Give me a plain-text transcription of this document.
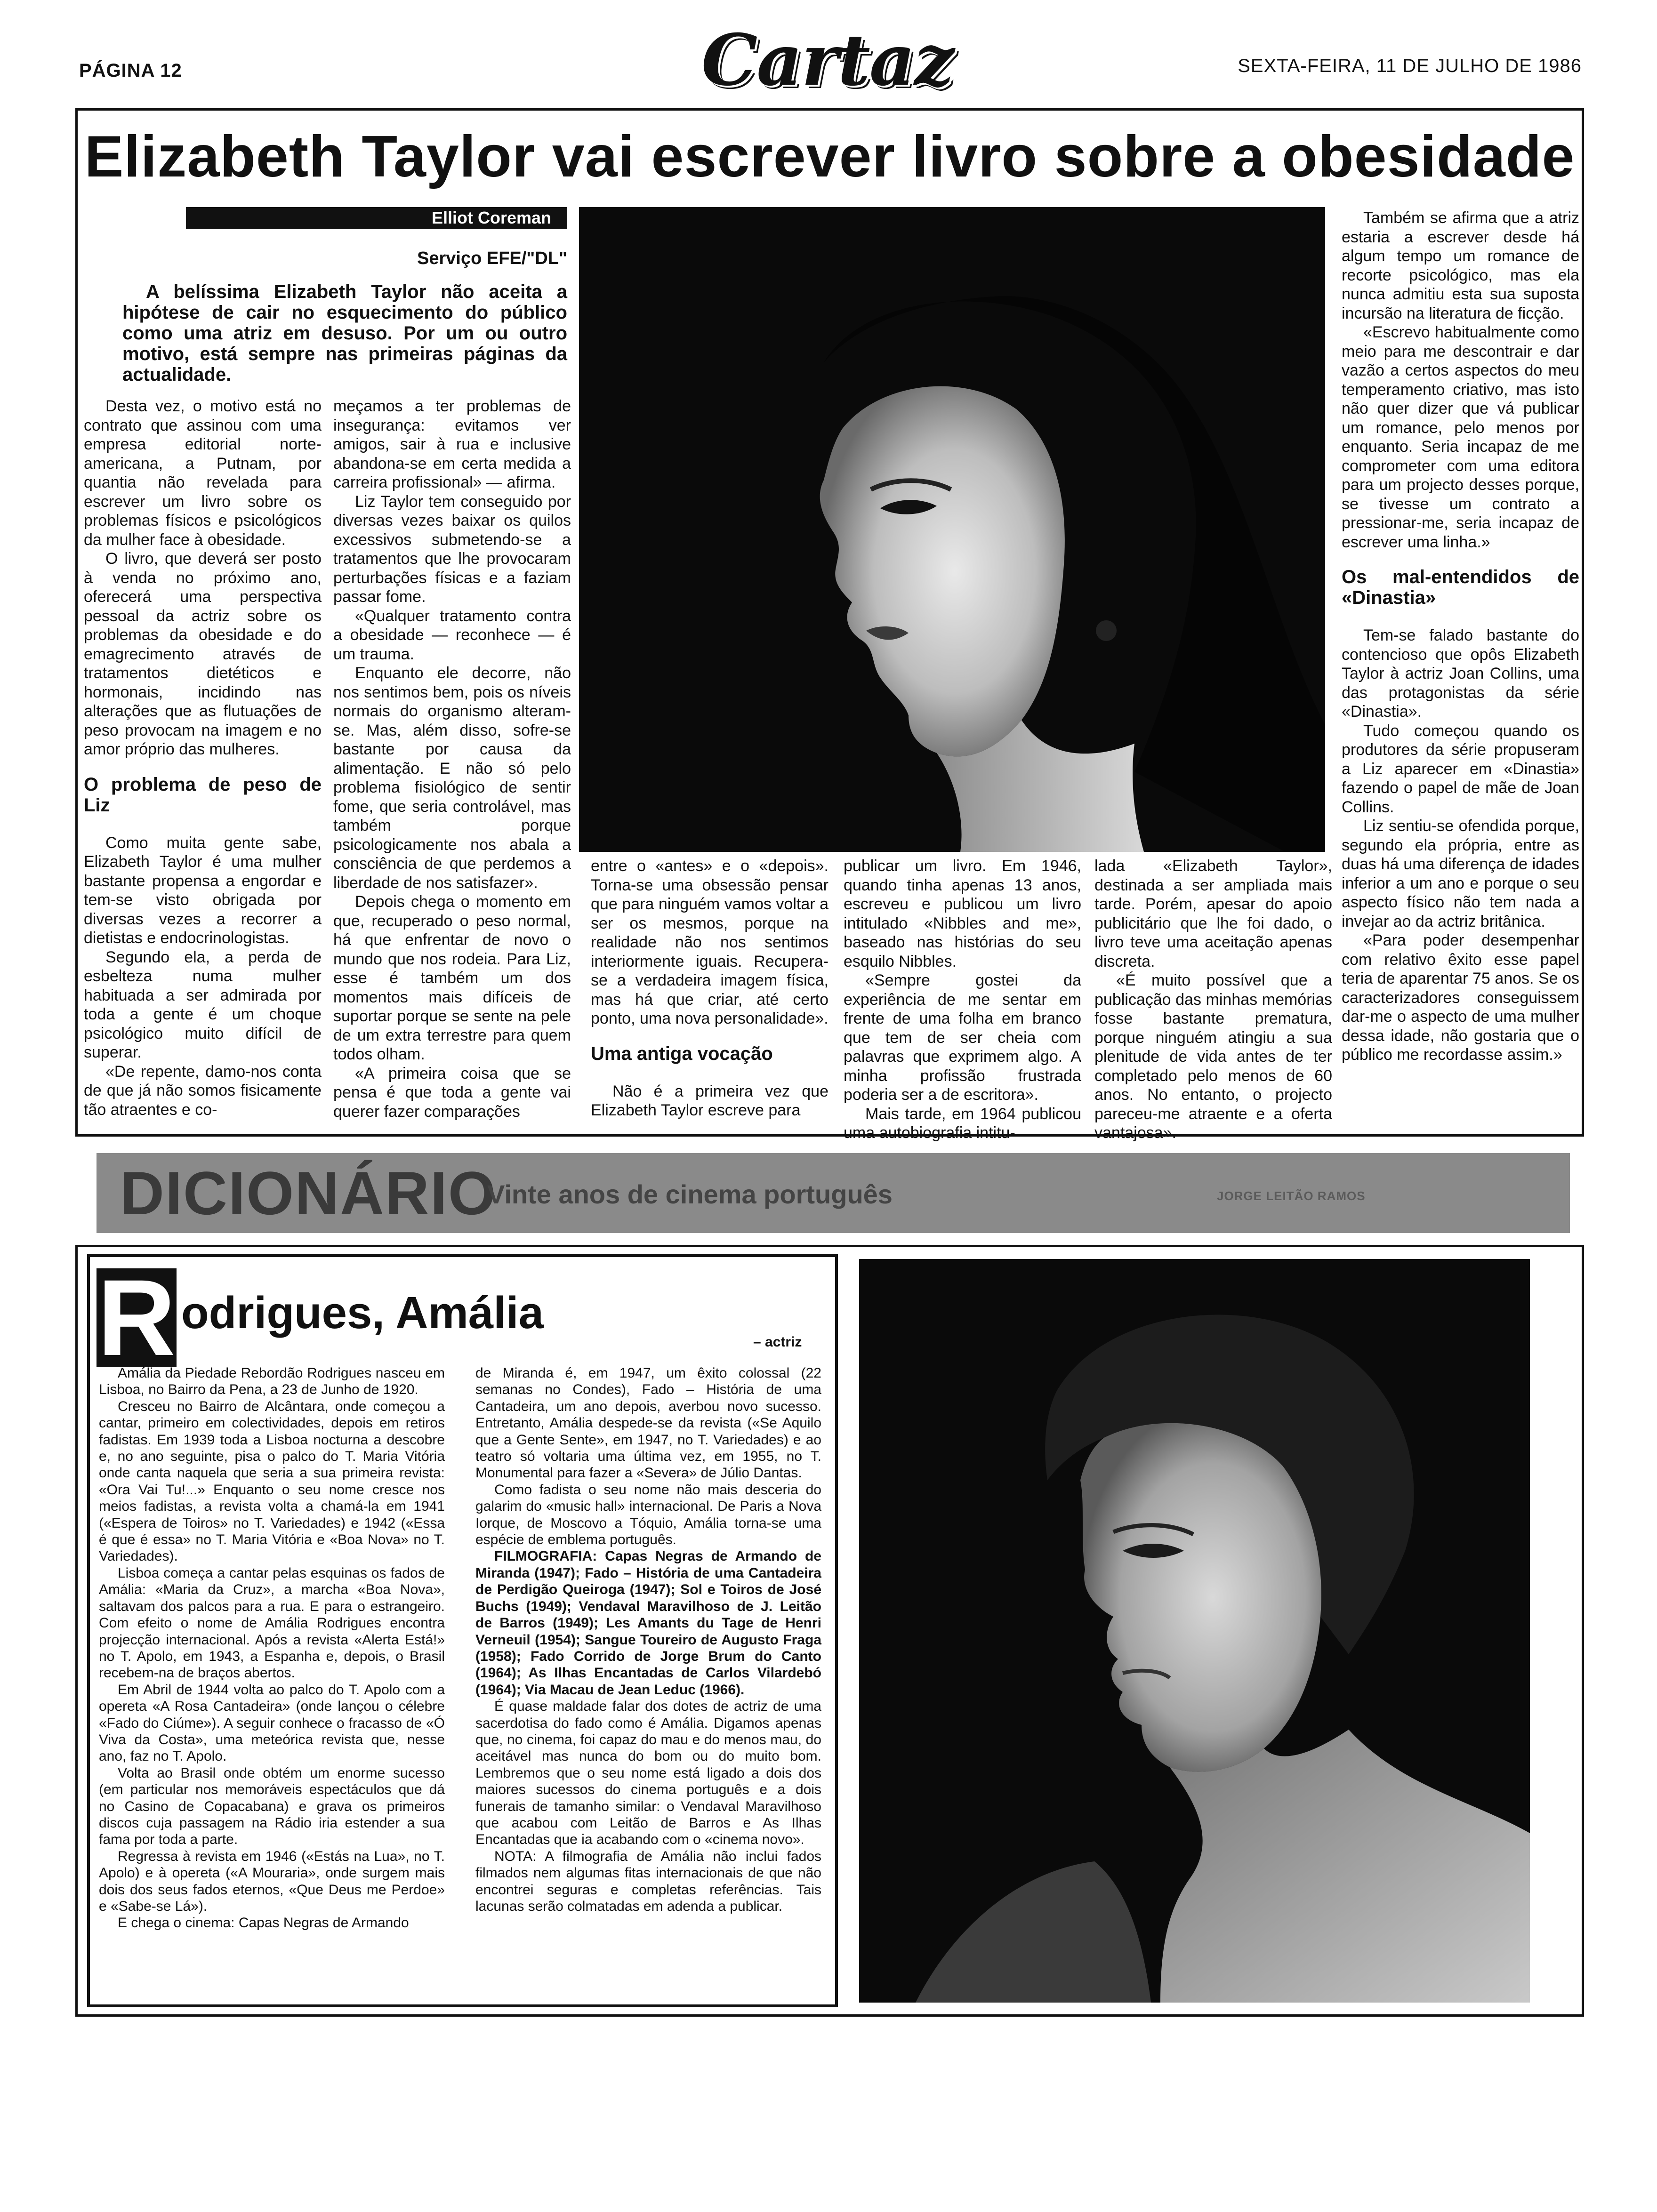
PÁGINA 12	Cartaz	SEXTA-FEIRA, 11 DE JULHO DE 1986
Elizabeth Taylor vai escrever livro sobre a obesidade
Elliot Coreman
Serviço EFE/"DL"

A belíssima Elizabeth Taylor não aceita a hipótese de cair no esquecimento do público como uma atriz em desuso. Por um ou outro motivo, está sempre nas primeiras páginas da actualidade.

Desta vez, o motivo está no contrato que assinou com uma empresa editorial norte-americana, a Putnam, por quantia não revelada para escrever um livro sobre os problemas físicos e psicológicos da mulher face à obesidade.

O livro, que deverá ser posto à venda no próximo ano, oferecerá uma perspectiva pessoal da actriz sobre os problemas da obesidade e do emagrecimento através de tratamentos dietéticos e hormonais, incidindo nas alterações que as flutuações de peso provocam na imagem e no amor próprio das mulheres.

O problema de peso de Liz

Como muita gente sabe, Elizabeth Taylor é uma mulher bastante propensa a engordar e tem-se visto obrigada por diversas vezes a recorrer a dietistas e endocrinologistas.

Segundo ela, a perda de esbelteza numa mulher habituada a ser admirada por toda a gente é um choque psicológico muito difícil de superar.

«De repente, damo-nos conta de que já não somos fisicamente tão atraentes e co-

meçamos a ter problemas de insegurança: evitamos ver amigos, sair à rua e inclusive abandona-se em certa medida a carreira profissional» — afirma.

Liz Taylor tem conseguido por diversas vezes baixar os quilos excessivos submetendo-se a tratamentos que lhe provocaram perturbações físicas e a faziam passar fome.

«Qualquer tratamento contra a obesidade — reconhece — é um trauma.

Enquanto ele decorre, não nos sentimos bem, pois os níveis normais do organismo alteram-se. Mas, além disso, sofre-se bastante por causa da alimentação. E não só pelo problema fisiológico de sentir fome, que seria controlável, mas também porque psicologicamente nos abala a consciência de que perdemos a liberdade de nos satisfazer».

Depois chega o momento em que, recuperado o peso normal, há que enfrentar de novo o mundo que nos rodeia. Para Liz, esse é também um dos momentos mais difíceis de suportar porque se sente na pele de um extra terrestre para quem todos olham.

«A primeira coisa que se pensa é que toda a gente vai querer fazer comparações

entre o «antes» e o «depois». Torna-se uma obsessão pensar que para ninguém vamos voltar a ser os mesmos, porque na realidade não nos sentimos interiormente iguais. Recupera-se a verdadeira imagem física, mas há que criar, até certo ponto, uma nova personalidade».

Uma antiga vocação

Não é a primeira vez que Elizabeth Taylor escreve para

publicar um livro. Em 1946, quando tinha apenas 13 anos, escreveu e publicou um livro intitulado «Nibbles and me», baseado nas histórias do seu esquilo Nibbles.

«Sempre gostei da experiência de me sentar em frente de uma folha em branco que tem de ser cheia com palavras que exprimem algo. A minha profissão frustrada poderia ser a de escritora».

Mais tarde, em 1964 publicou uma autobiografia intitu-

lada «Elizabeth Taylor», destinada a ser ampliada mais tarde. Porém, apesar do apoio publicitário que lhe foi dado, o livro teve uma aceitação apenas discreta.

«É muito possível que a publicação das minhas memórias fosse bastante prematura, porque ninguém atingiu a sua plenitude de vida antes de ter completado pelo menos de 60 anos. No entanto, o projecto pareceu-me atraente e a oferta vantajosa».

Também se afirma que a atriz estaria a escrever desde há algum tempo um romance de recorte psicológico, mas ela nunca admitiu esta sua suposta incursão na literatura de ficção.

«Escrevo habitualmente como meio para me descontrair e dar vazão a certos aspectos do meu temperamento criativo, mas isto não quer dizer que vá publicar um romance, pelo menos por enquanto. Seria incapaz de me comprometer com uma editora para um projecto desses porque, se tivesse um contrato a pressionar-me, seria incapaz de escrever uma linha.»

Os mal-entendidos de «Dinastia»

Tem-se falado bastante do contencioso que opôs Elizabeth Taylor à actriz Joan Collins, uma das protagonistas da série «Dinastia».

Tudo começou quando os produtores da série propuseram a Liz aparecer em «Dinastia» fazendo o papel de mãe de Joan Collins.

Liz sentiu-se ofendida porque, segundo ela própria, entre as duas há uma diferença de idades inferior a um ano e porque o seu aspecto físico não tem nada a invejar ao da actriz britânica.

«Para poder desempenhar com relativo êxito esse papel teria de aparentar 75 anos. Se os caracterizadores conseguissem dar-me o aspecto de uma mulher dessa idade, não gostaria que o público me recordasse assim.»

DICIONÁRIO
Vinte anos de cinema português	JORGE LEITÃO RAMOS
R odrigues, Amália
– actriz

Amália da Piedade Rebordão Rodrigues nasceu em Lisboa, no Bairro da Pena, a 23 de Junho de 1920.

Cresceu no Bairro de Alcântara, onde começou a cantar, primeiro em colectividades, depois em retiros fadistas. Em 1939 toda a Lisboa nocturna a descobre e, no ano seguinte, pisa o palco do T. Maria Vitória onde canta naquela que seria a sua primeira revista: «Ora Vai Tu!...» Enquanto o seu nome cresce nos meios fadistas, a revista volta a chamá-la em 1941 («Espera de Toiros» no T. Variedades) e 1942 («Essa é que é essa» no T. Maria Vitória e «Boa Nova» no T. Variedades).

Lisboa começa a cantar pelas esquinas os fados de Amália: «Maria da Cruz», a marcha «Boa Nova», saltavam dos palcos para a rua. E para o estrangeiro. Com efeito o nome de Amália Rodrigues encontra projecção internacional. Após a revista «Alerta Está!» no T. Apolo, em 1943, a Espanha e, depois, o Brasil recebem-na de braços abertos.

Em Abril de 1944 volta ao palco do T. Apolo com a opereta «A Rosa Cantadeira» (onde lançou o célebre «Fado do Ciúme»). A seguir conhece o fracasso de «Ó Viva da Costa», uma meteórica revista que, nesse ano, faz no T. Apolo.

Volta ao Brasil onde obtém um enorme sucesso (em particular nos memoráveis espectáculos que dá no Casino de Copacabana) e grava os primeiros discos cuja passagem na Rádio iria estender a sua fama por toda a parte.

Regressa à revista em 1946 («Estás na Lua», no T. Apolo) e à opereta («A Mouraria», onde surgem mais dois dos seus fados eternos, «Que Deus me Perdoe» e «Sabe-se Lá»).

E chega o cinema: Capas Negras de Armando

de Miranda é, em 1947, um êxito colossal (22 semanas no Condes), Fado – História de uma Cantadeira, um ano depois, averbou novo sucesso. Entretanto, Amália despede-se da revista («Se Aquilo que a Gente Sente», em 1947, no T. Variedades) e ao teatro só voltaria uma última vez, em 1955, no T. Monumental para fazer a «Severa» de Júlio Dantas.

Como fadista o seu nome não mais desceria do galarim do «music hall» internacional. De Paris a Nova Iorque, de Moscovo a Tóquio, Amália torna-se uma espécie de emblema português.

FILMOGRAFIA: Capas Negras de Armando de Miranda (1947); Fado – História de uma Cantadeira de Perdigão Queiroga (1947); Sol e Toiros de José Buchs (1949); Vendaval Maravilhoso de J. Leitão de Barros (1949); Les Amants du Tage de Henri Verneuil (1954); Sangue Toureiro de Augusto Fraga (1958); Fado Corrido de Jorge Brum do Canto (1964); As Ilhas Encantadas de Carlos Vilardebó (1964); Via Macau de Jean Leduc (1966).

É quase maldade falar dos dotes de actriz de uma sacerdotisa do fado como é Amália. Digamos apenas que, no cinema, foi capaz do mau e do menos mau, do aceitável mas nunca do bom ou do muito bom. Lembremos que o seu nome está ligado a dois dos maiores sucessos do cinema português e a dois funerais de tamanho similar: o Vendaval Maravilhoso que acabou com Leitão de Barros e As Ilhas Encantadas que ia acabando com o «cinema novo».

NOTA: A filmografia de Amália não inclui fados filmados nem algumas fitas internacionais de que não encontrei seguras e completas referências. Tais lacunas serão colmatadas em adenda a publicar.
